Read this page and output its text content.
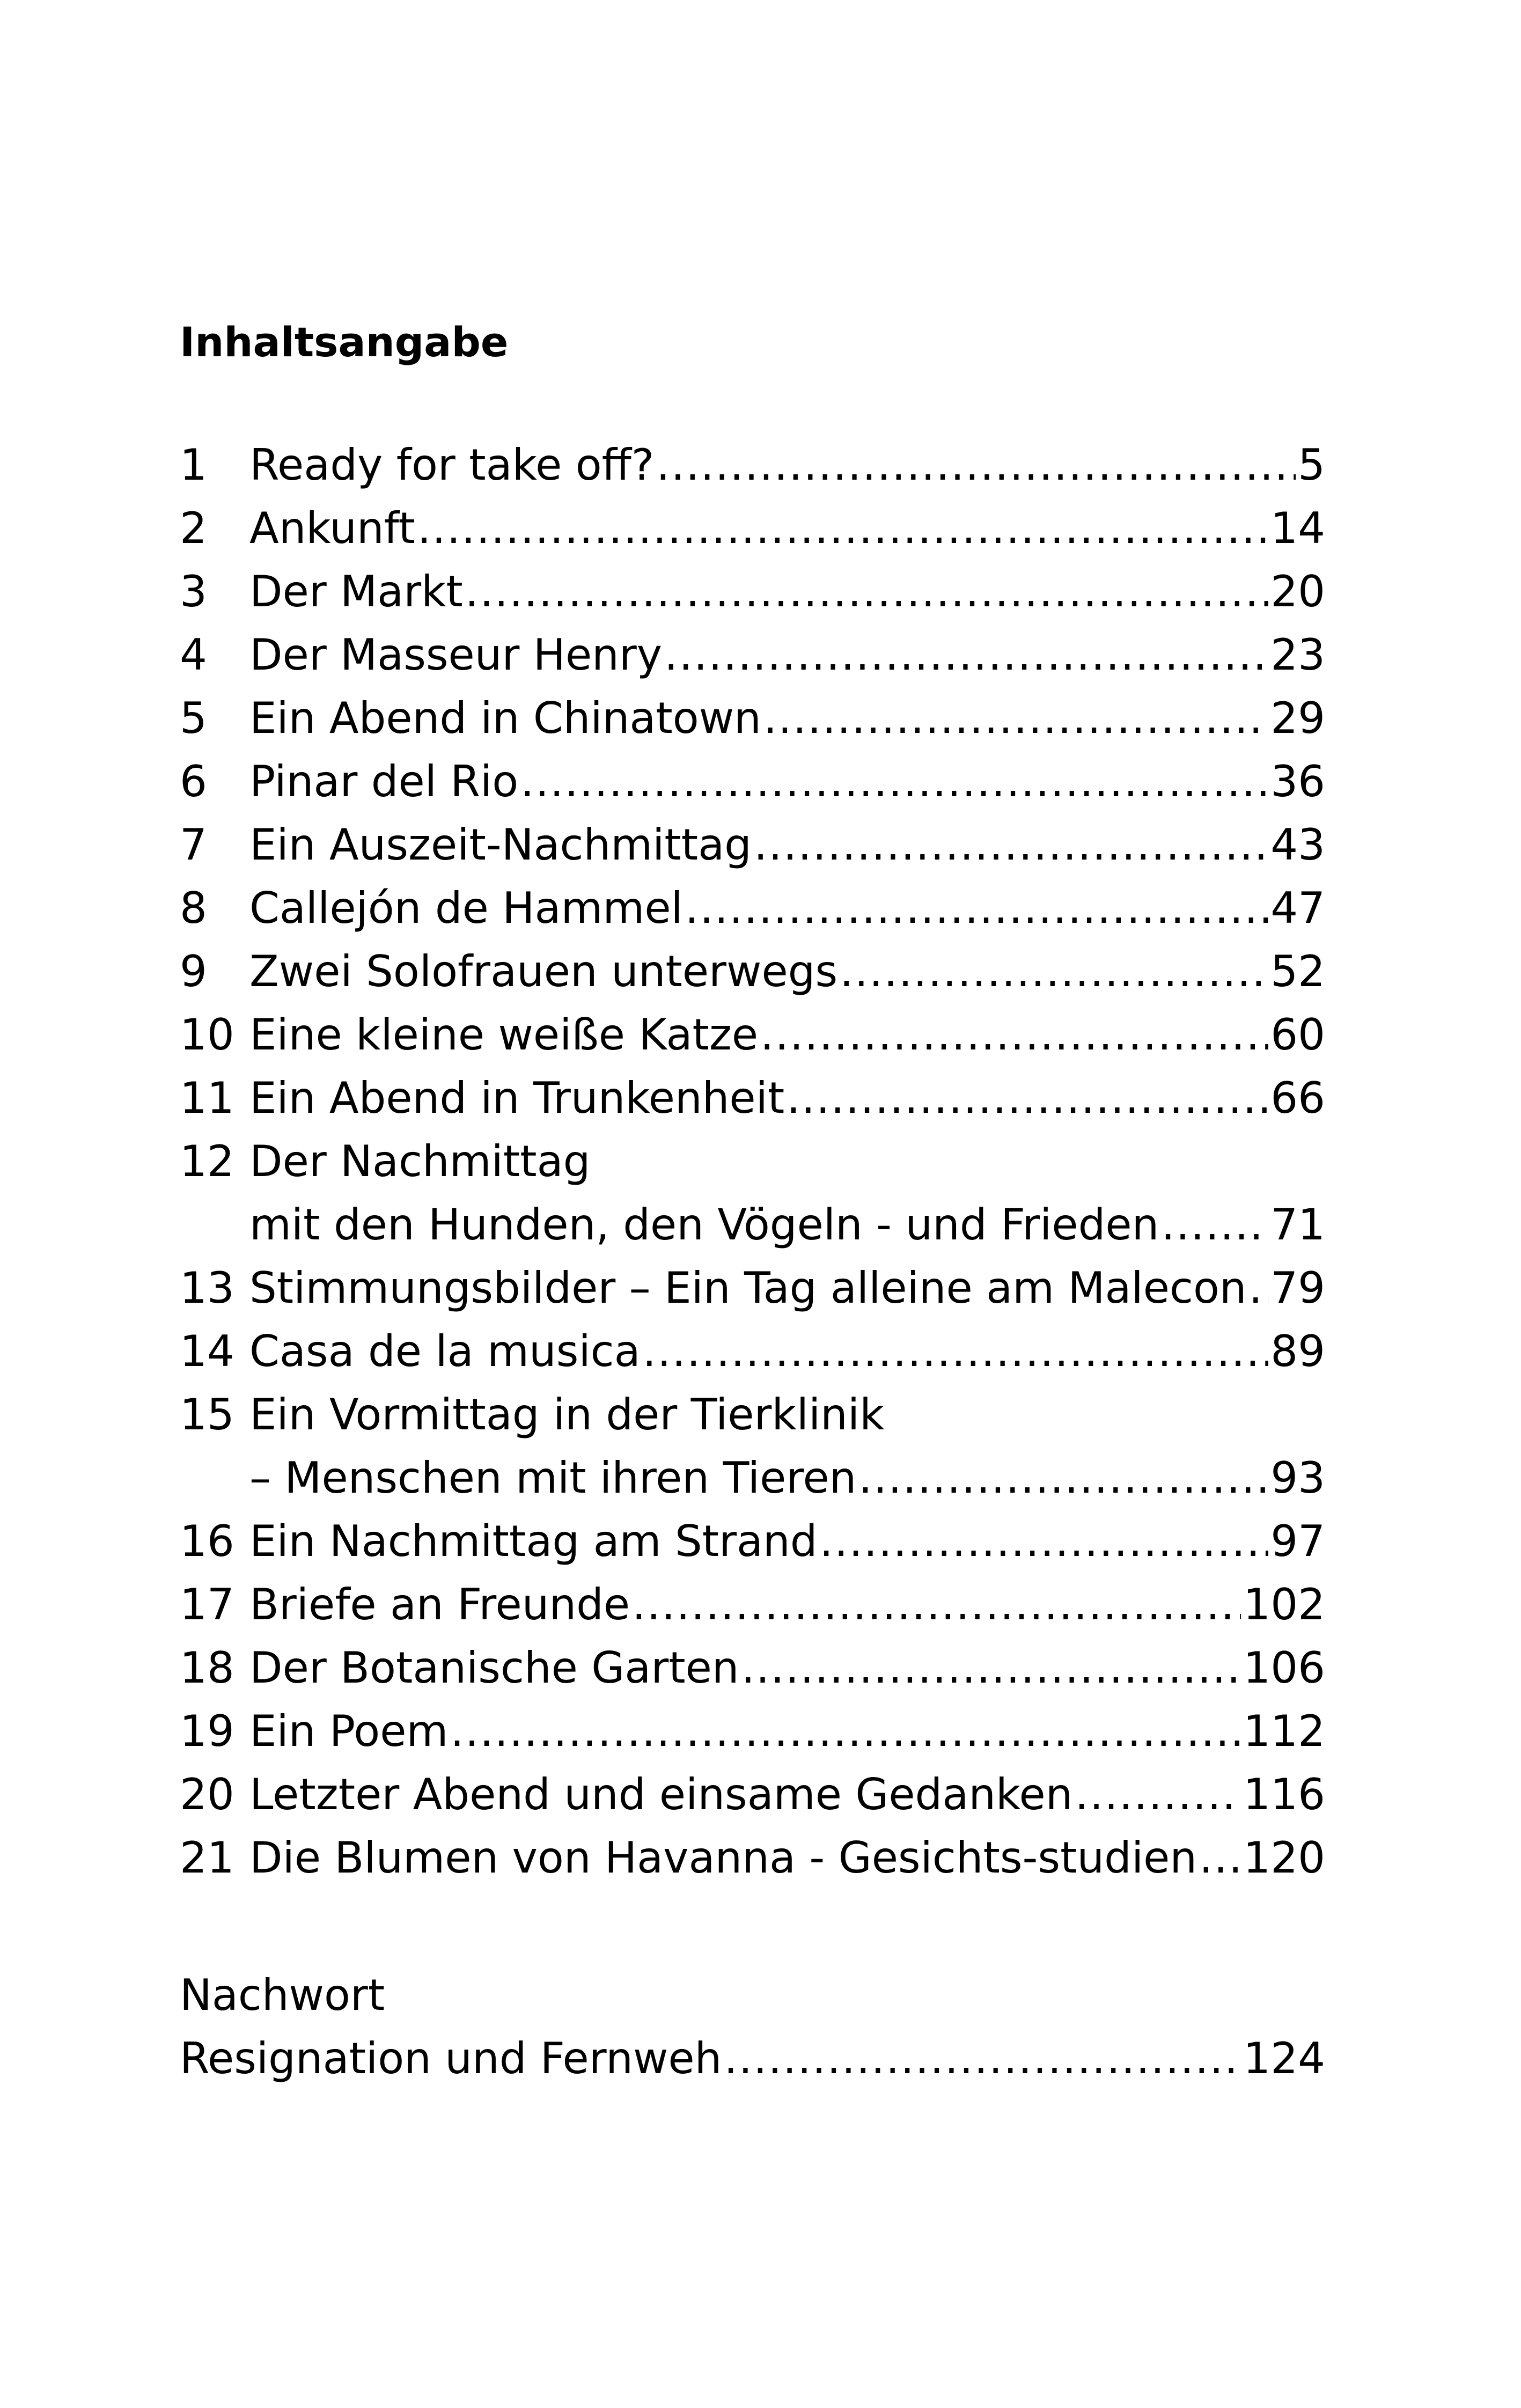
Inhaltsangabe
1 Ready for take off? .....	5
2 Ankunft .....	14
3 Der Markt .....	20
4 Der Masseur Henry .....	23
5 Ein Abend in Chinatown .....	29
6 Pinar del Rio .....	36
7 Ein Auszeit-Nachmittag .....	43
8 Callejón de Hammel .....	47
9 Zwei Solofrauen unterwegs .....	52
10 Eine kleine weiße Katze .....	60
11 Ein Abend in Trunkenheit .....	66
12 Der Nachmittag
mit den Hunden, den Vögeln - und Frieden .....	71
13 Stimmungsbilder – Ein Tag alleine am Malecon ..... 79
14 Casa de la musica .....	89
15 Ein Vormittag in der Tierklinik
– Menschen mit ihren Tieren .....	93
16 Ein Nachmittag am Strand .....	97
17 Briefe an Freunde .....	102
18 Der Botanische Garten .....	106
19 Ein Poem .....	112
20 Letzter Abend und einsame Gedanken .....	116
21 Die Blumen von Havanna - Gesichts-studien ..... 120
Nachwort
Resignation und Fernweh .....	124
